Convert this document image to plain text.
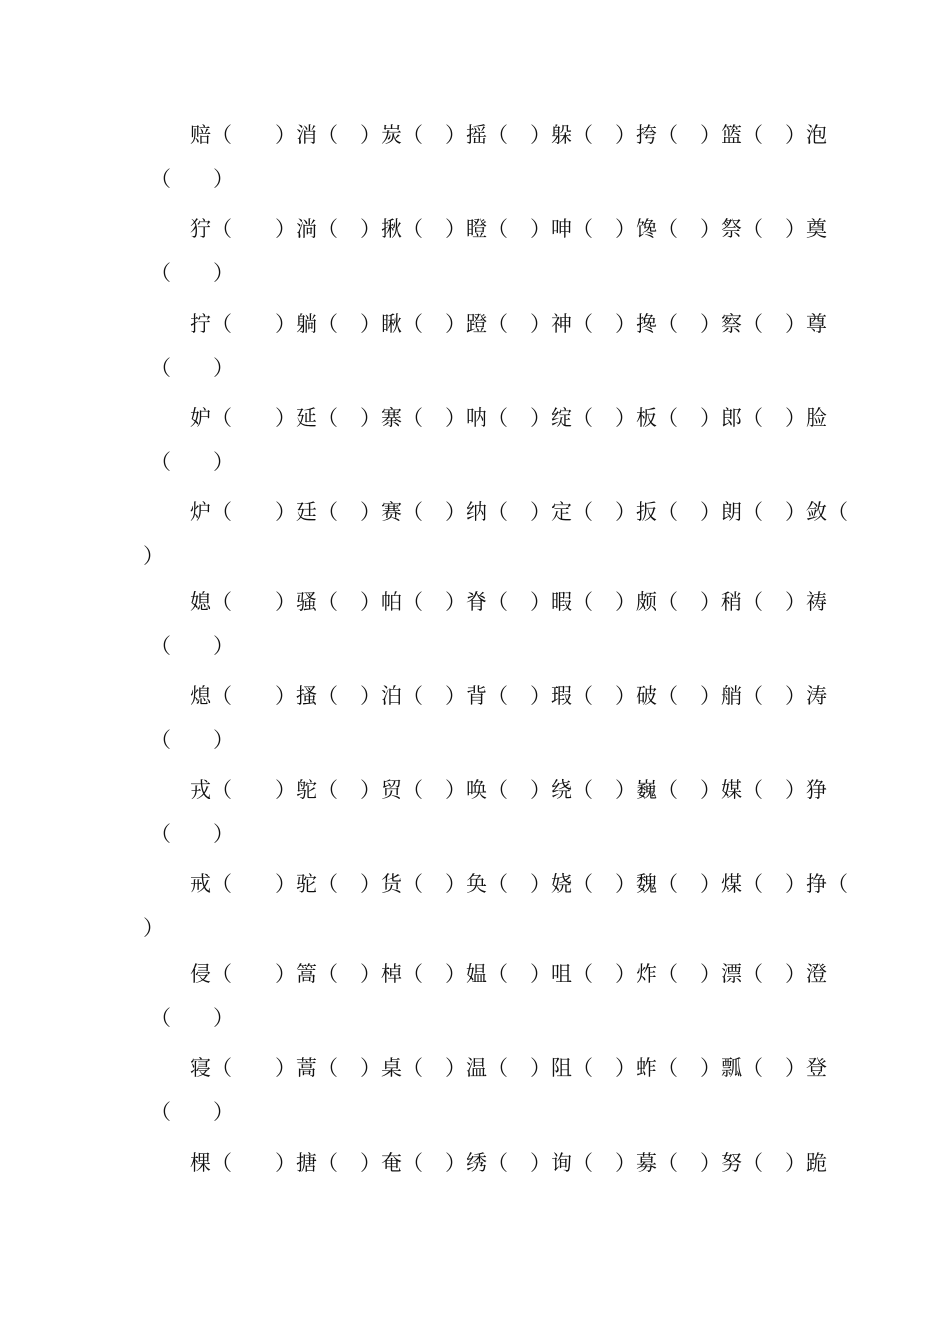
赔（ ）消（ ）炭（ ）摇（ ）躲（ ）挎（ ）篮（ ）泡
（　　）
狞（ ）淌（ ）揪（ ）瞪（ ）呻（ ）馋（ ）祭（ ）奠
（　　）
拧（ ）躺（ ）瞅（ ）蹬（ ）神（ ）搀（ ）察（ ）尊
（　　）
妒（ ）延（ ）寨（ ）呐（ ）绽（ ）板（ ）郎（ ）脸
（　　）
炉（ ）廷（ ）赛（ ）纳（ ）定（ ）扳（ ）朗（ ）敛（
）
媳（ ）骚（ ）帕（ ）脊（ ）暇（ ）颇（ ）稍（ ）祷
（　　）
熄（ ）搔（ ）泊（ ）背（ ）瑕（ ）破（ ）艄（ ）涛
（　　）
戎（ ）鸵（ ）贸（ ）唤（ ）绕（ ）巍（ ）媒（ ）狰
（　　）
戒（ ）驼（ ）货（ ）奂（ ）娆（ ）魏（ ）煤（ ）挣（
）
侵（ ）篙（ ）棹（ ）媪（ ）咀（ ）炸（ ）漂（ ）澄
（　　）
寝（ ）蒿（ ）桌（ ）温（ ）阻（ ）蚱（ ）瓢（ ）登
（　　）
棵（ ）搪（ ）奄（ ）绣（ ）询（ ）募（ ）努（ ）跪
